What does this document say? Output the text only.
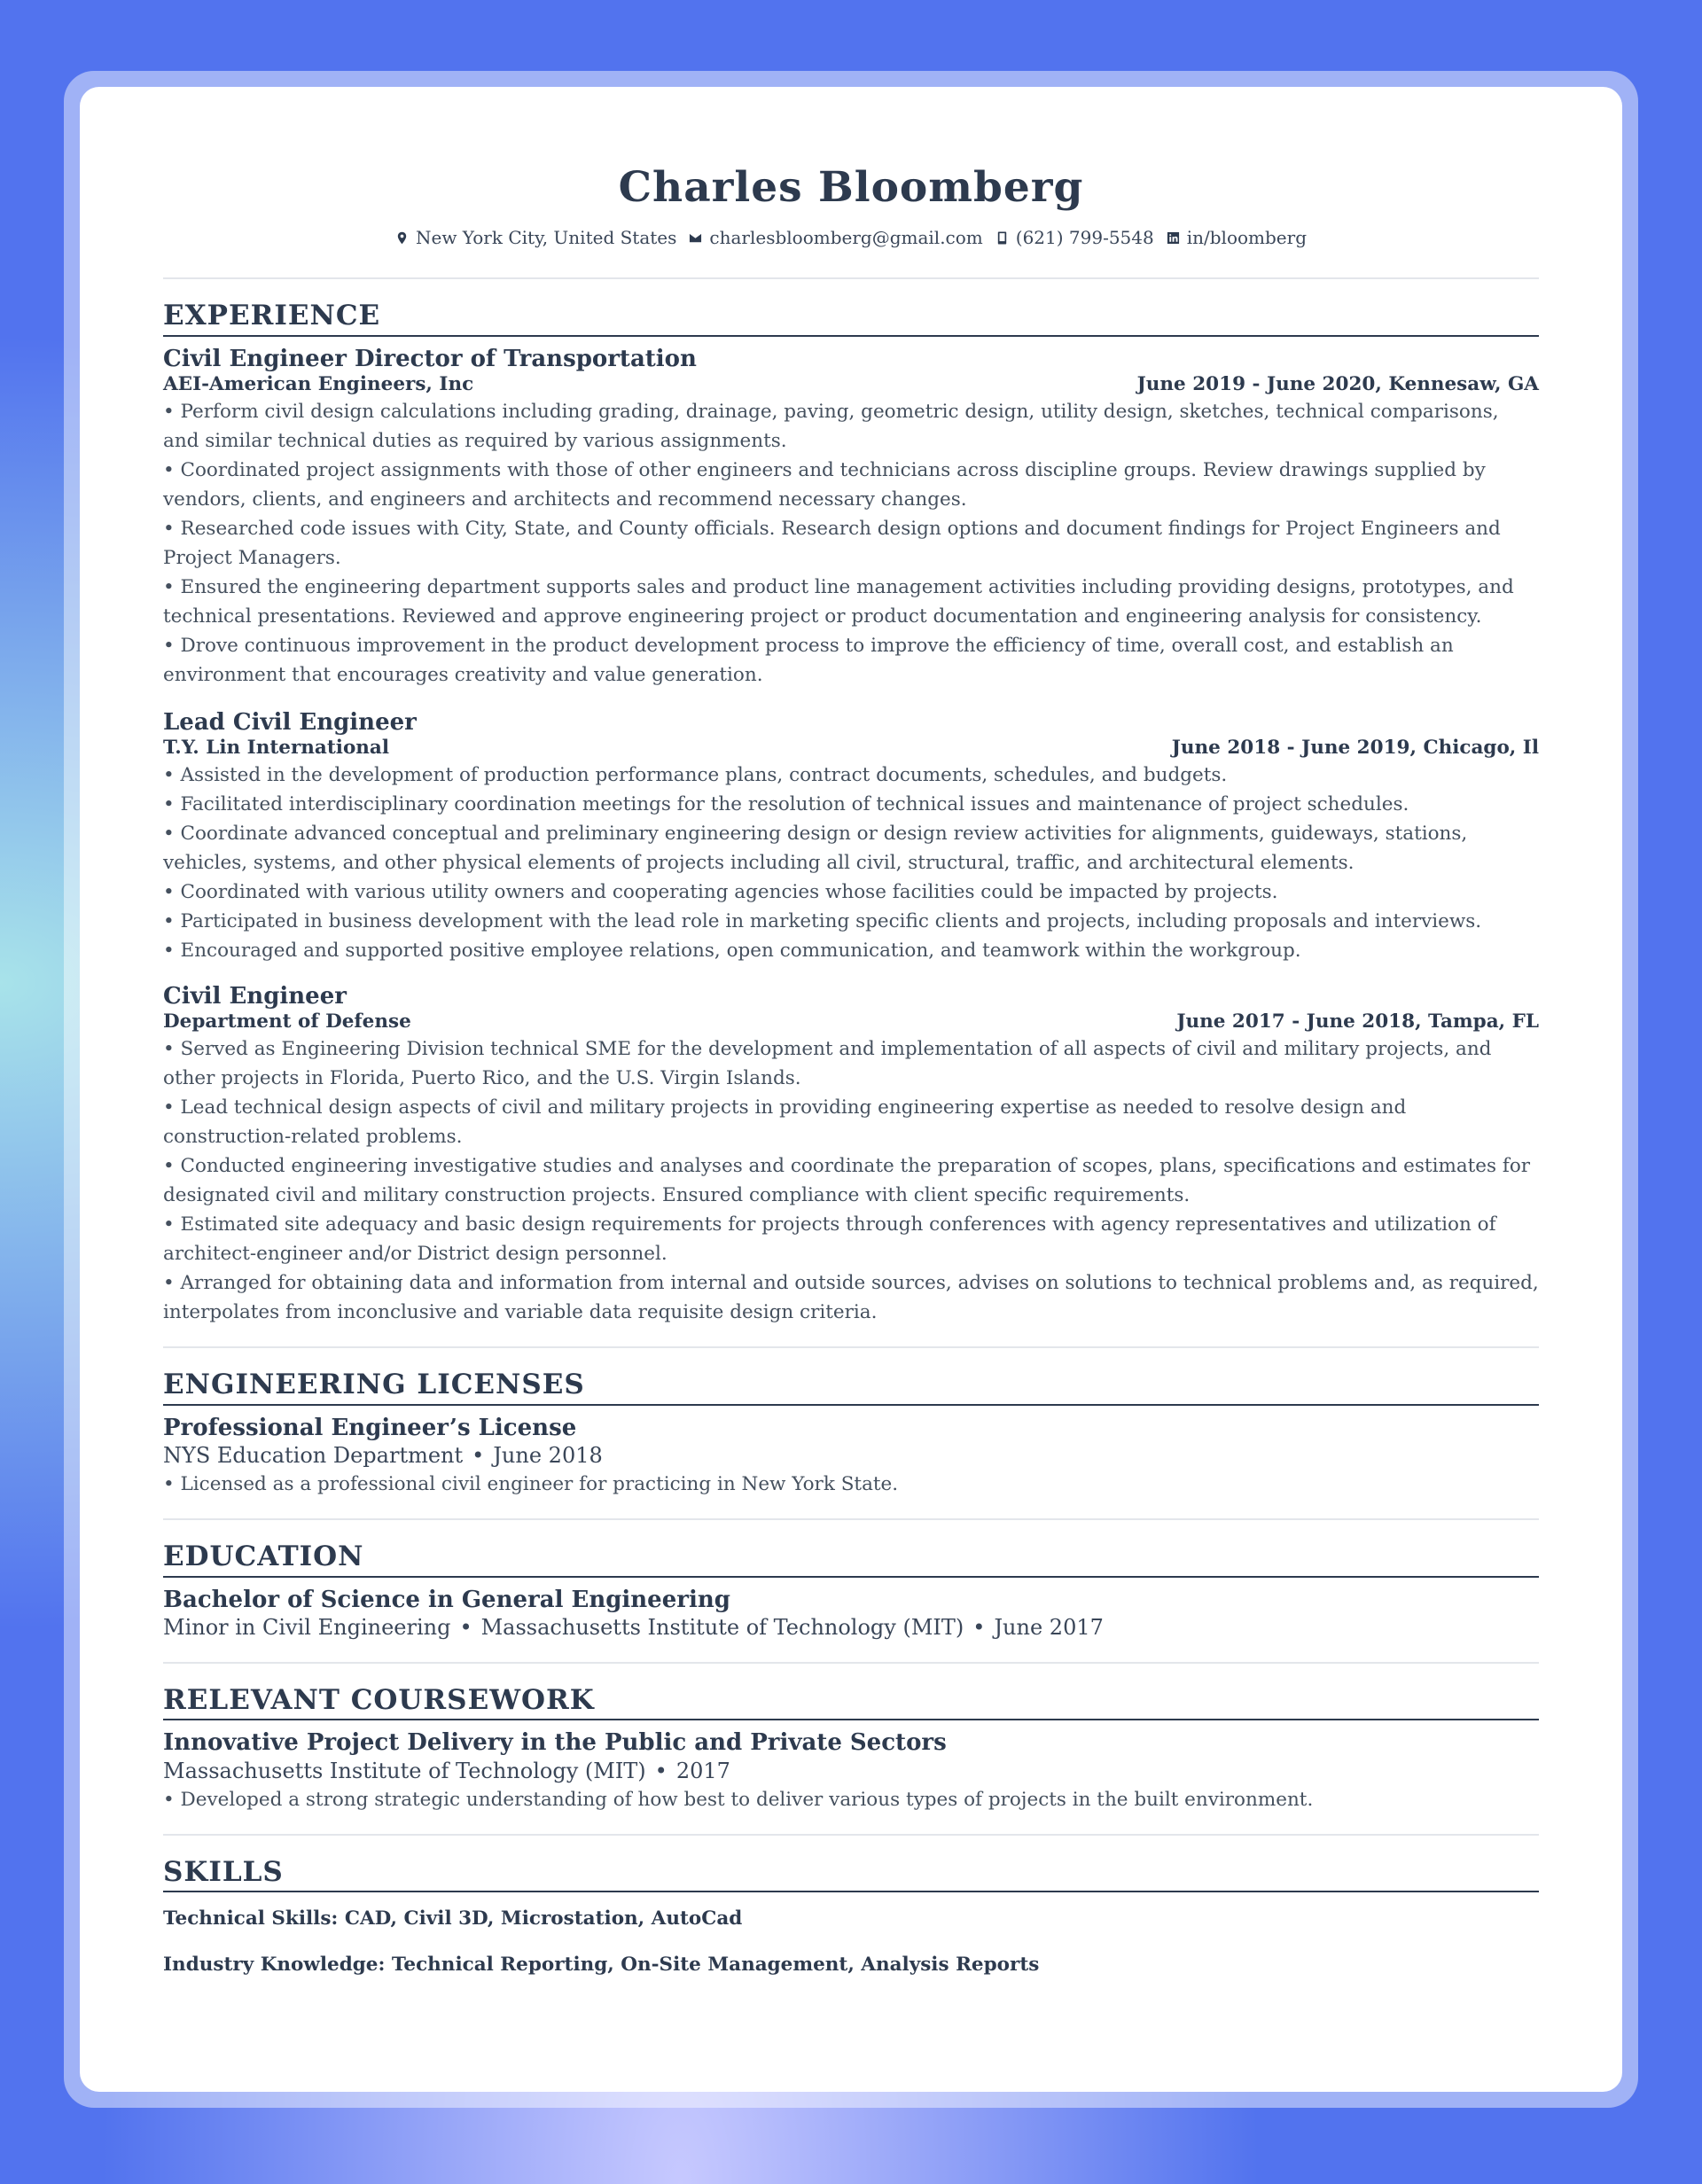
Charles Bloomberg
New York City, United States charlesbloomberg@gmail.com (621) 799-5548 in/bloomberg
EXPERIENCE
Civil Engineer Director of Transportation
AEI-American Engineers, Inc	June 2019 - June 2020, Kennesaw, GA
• Perform civil design calculations including grading, drainage, paving, geometric design, utility design, sketches, technical comparisons, and similar technical duties as required by various assignments.
• Coordinated project assignments with those of other engineers and technicians across discipline groups. Review drawings supplied by vendors, clients, and engineers and architects and recommend necessary changes.
• Researched code issues with City, State, and County officials. Research design options and document findings for Project Engineers and Project Managers.
• Ensured the engineering department supports sales and product line management activities including providing designs, prototypes, and technical presentations. Reviewed and approve engineering project or product documentation and engineering analysis for consistency.
• Drove continuous improvement in the product development process to improve the efficiency of time, overall cost, and establish an environment that encourages creativity and value generation.
Lead Civil Engineer
T.Y. Lin International	June 2018 - June 2019, Chicago, Il
• Assisted in the development of production performance plans, contract documents, schedules, and budgets.
• Facilitated interdisciplinary coordination meetings for the resolution of technical issues and maintenance of project schedules.
• Coordinate advanced conceptual and preliminary engineering design or design review activities for alignments, guideways, stations, vehicles, systems, and other physical elements of projects including all civil, structural, traffic, and architectural elements.
• Coordinated with various utility owners and cooperating agencies whose facilities could be impacted by projects.
• Participated in business development with the lead role in marketing specific clients and projects, including proposals and interviews.
• Encouraged and supported positive employee relations, open communication, and teamwork within the workgroup.
Civil Engineer
Department of Defense	June 2017 - June 2018, Tampa, FL
• Served as Engineering Division technical SME for the development and implementation of all aspects of civil and military projects, and other projects in Florida, Puerto Rico, and the U.S. Virgin Islands.
• Lead technical design aspects of civil and military projects in providing engineering expertise as needed to resolve design and construction-related problems.
• Conducted engineering investigative studies and analyses and coordinate the preparation of scopes, plans, specifications and estimates for designated civil and military construction projects. Ensured compliance with client specific requirements.
• Estimated site adequacy and basic design requirements for projects through conferences with agency representatives and utilization of architect-engineer and/or District design personnel.
• Arranged for obtaining data and information from internal and outside sources, advises on solutions to technical problems and, as required, interpolates from inconclusive and variable data requisite design criteria.
ENGINEERING LICENSES
Professional Engineer’s License
NYS Education Department • June 2018
• Licensed as a professional civil engineer for practicing in New York State.
EDUCATION
Bachelor of Science in General Engineering
Minor in Civil Engineering • Massachusetts Institute of Technology (MIT) • June 2017
RELEVANT COURSEWORK
Innovative Project Delivery in the Public and Private Sectors
Massachusetts Institute of Technology (MIT) • 2017
• Developed a strong strategic understanding of how best to deliver various types of projects in the built environment.
SKILLS
Technical Skills: CAD, Civil 3D, Microstation, AutoCad
Industry Knowledge: Technical Reporting, On-Site Management, Analysis Reports
